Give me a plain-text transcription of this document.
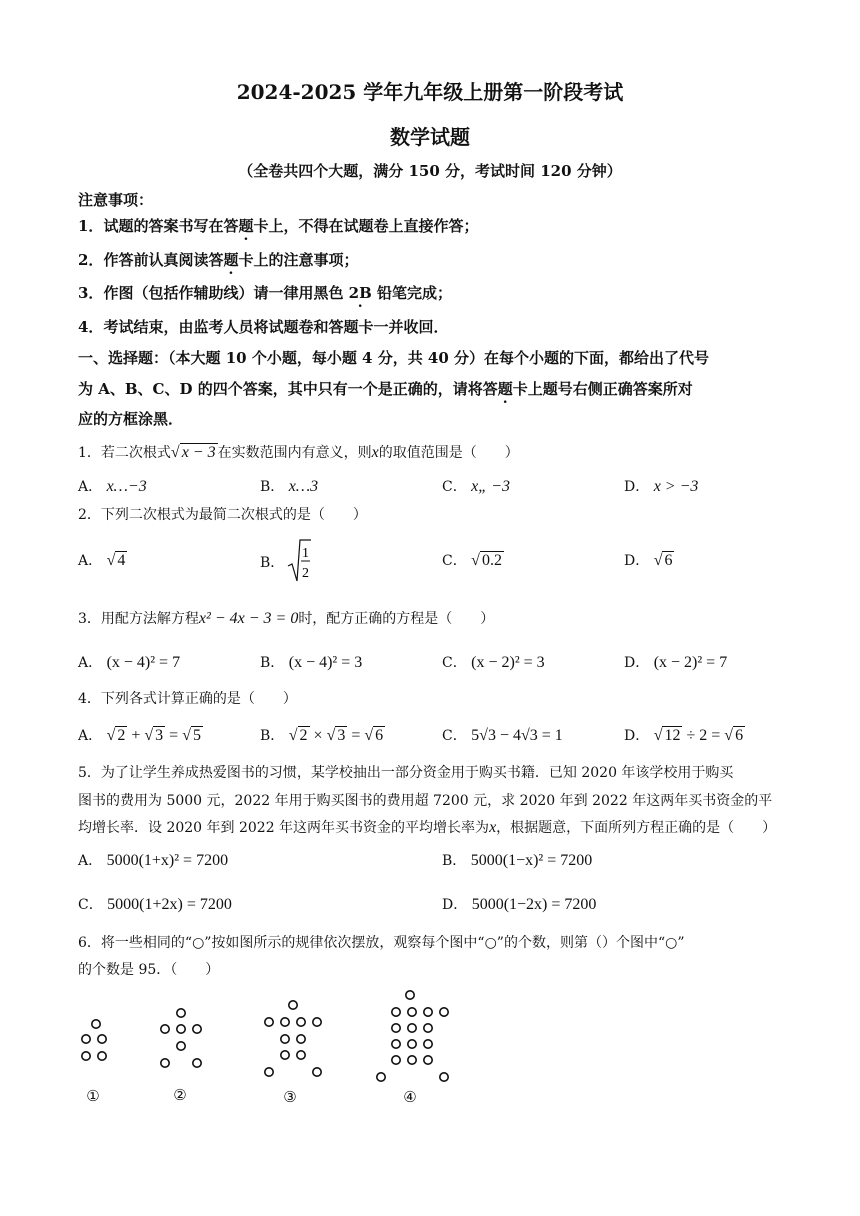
2024-2025 学年九年级上册第一阶段考试
数学试题
（全卷共四个大题，满分 150 分，考试时间 120 分钟）
注意事项：
1．试题的答案书写在答题卡上，不得在试题卷上直接作答；
2．作答前认真阅读答题卡上的注意事项；
3．作图（包括作辅助线）请一律用黑色 2B . 铅笔完成；
4．考试结束，由监考人员将试题卷和答题卡一并收回．
一、选择题：（本大题 10 个小题，每小题 4 分，共 40 分）在每个小题的下面，都给出了代号
为 A、B、C、D 的四个答案，其中只有一个是正确的，请将答题卡上题号右侧正确答案所对
应的方框涂黑．
1．若二次根式√ x − 3 在实数范围内有意义，则x的取值范围是（　　）
A． x…−3	B． x…3	C． x„ −3	D． x > −3
2．下列二次根式为最简二次根式的是（　　）
A． √ 4	B．
1
2
C． √ 0.2	D． √ 6
3．用配方法解方程x² − 4x − 3 = 0时，配方正确的方程是（　　）
A． (x − 4)² = 7	B． (x − 4)² = 3	C． (x − 2)² = 3	D． (x − 2)² = 7
4．下列各式计算正确的是（　　）
A． √ 2 + √ 3 = √ 5	B． √ 2 × √ 3 = √ 6	C． 5√3 − 4√3 = 1	D． √ 12 ÷ 2 = √ 6
5．为了让学生养成热爱图书的习惯，某学校抽出一部分资金用于购买书籍．已知 2020 年该学校用于购买
图书的费用为 5000 元，2022 年用于购买图书的费用超 7200 元，求 2020 年到 2022 年这两年买书资金的平
均增长率．设 2020 年到 2022 年这两年买书资金的平均增长率为x，根据题意，下面所列方程正确的是（　　）
A． 5000(1+x)² = 7200	B． 5000(1−x)² = 7200
C． 5000(1+2x) = 7200	D． 5000(1−2x) = 7200
6．将一些相同的“○”按如图所示的规律依次摆放，观察每个图中“○”的个数，则第（）个图中“○”
的个数是 95．（　　）
①	②	③	④
